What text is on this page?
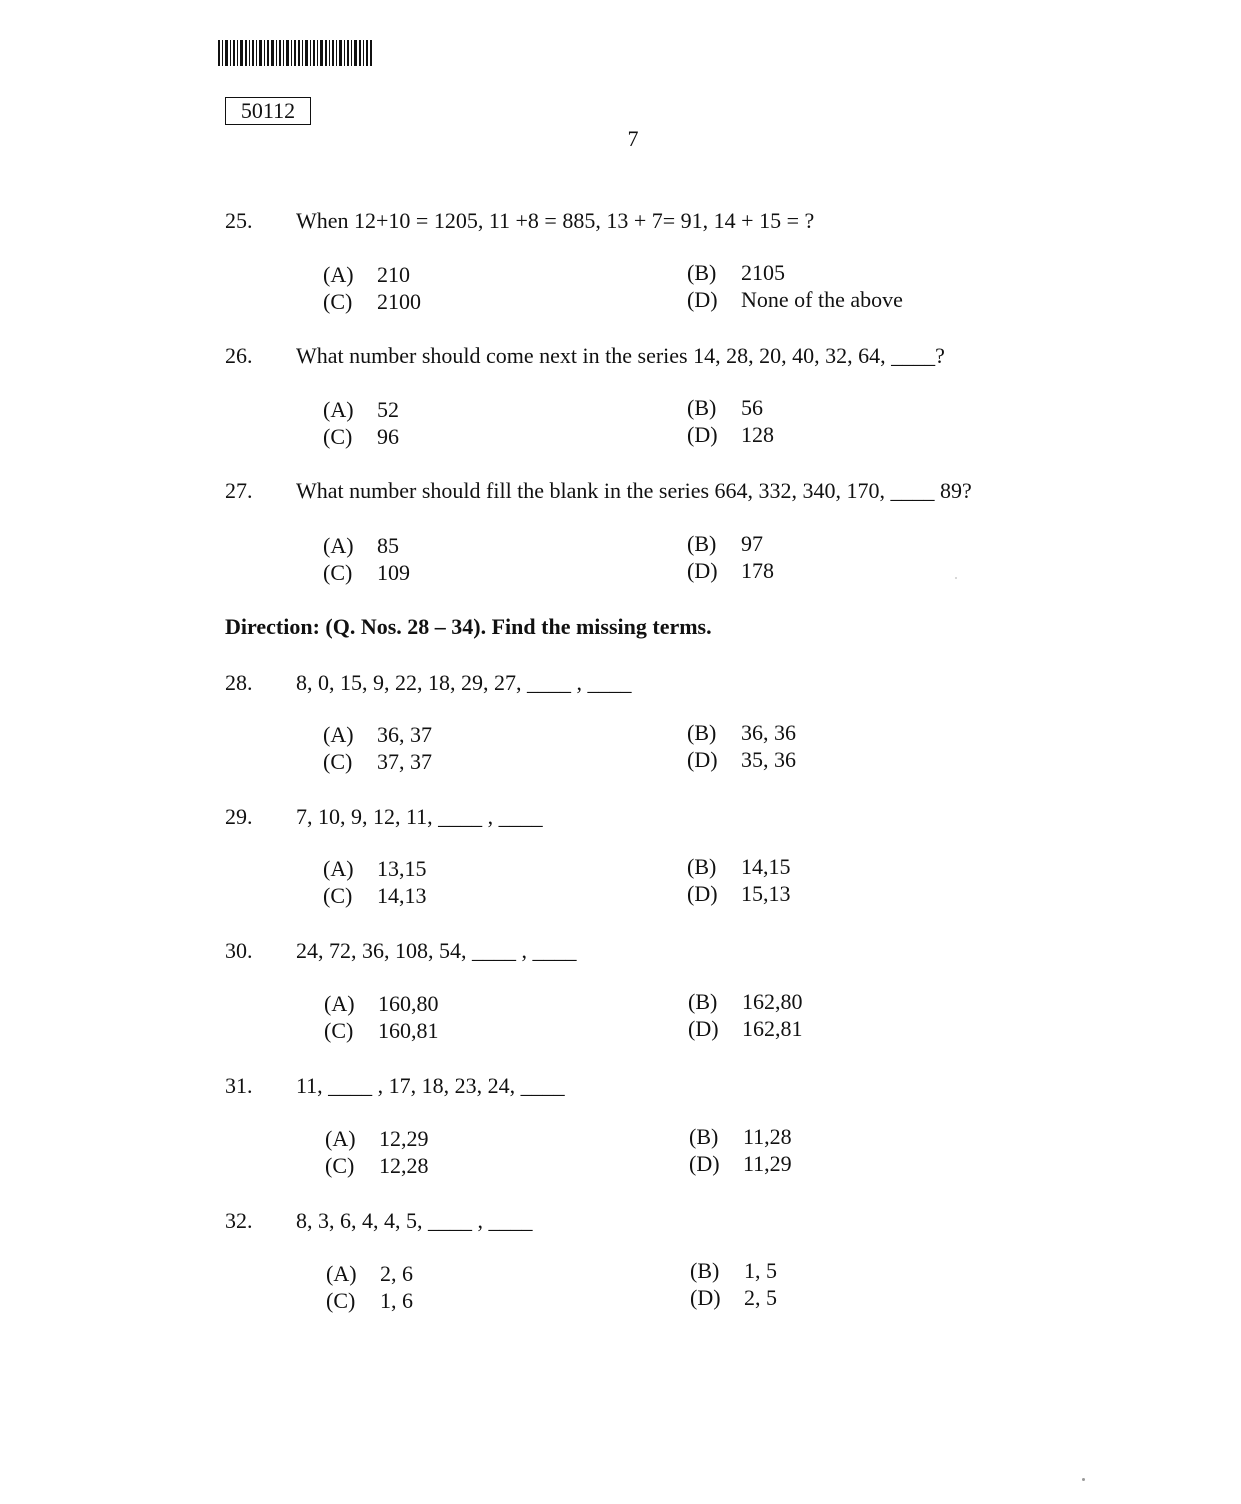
50112
7
25. When 12+10 = 1205, 11 +8 = 885, 13 + 7= 91, 14 + 15 = ?
(A) 210	(B) 2105
(C) 2100	(D) None of the above
26. What number should come next in the series 14, 28, 20, 40, 32, 64, ____?
(A) 52	(B) 56
(C) 96	(D) 128
27. What number should fill the blank in the series 664, 332, 340, 170, ____ 89?
(A) 85	(B) 97
(C) 109	(D) 178
Direction: (Q. Nos. 28 – 34). Find the missing terms.
28. 8, 0, 15, 9, 22, 18, 29, 27, ____ , ____
(A) 36, 37	(B) 36, 36
(C) 37, 37	(D) 35, 36
29. 7, 10, 9, 12, 11, ____ , ____
(A) 13,15	(B) 14,15
(C) 14,13	(D) 15,13
30. 24, 72, 36, 108, 54, ____ , ____
(A) 160,80	(B) 162,80
(C) 160,81	(D) 162,81
31. 11, ____ , 17, 18, 23, 24, ____
(A) 12,29	(B) 11,28
(C) 12,28	(D) 11,29
32. 8, 3, 6, 4, 4, 5, ____ , ____
(A) 2, 6	(B) 1, 5
(C) 1, 6	(D) 2, 5
